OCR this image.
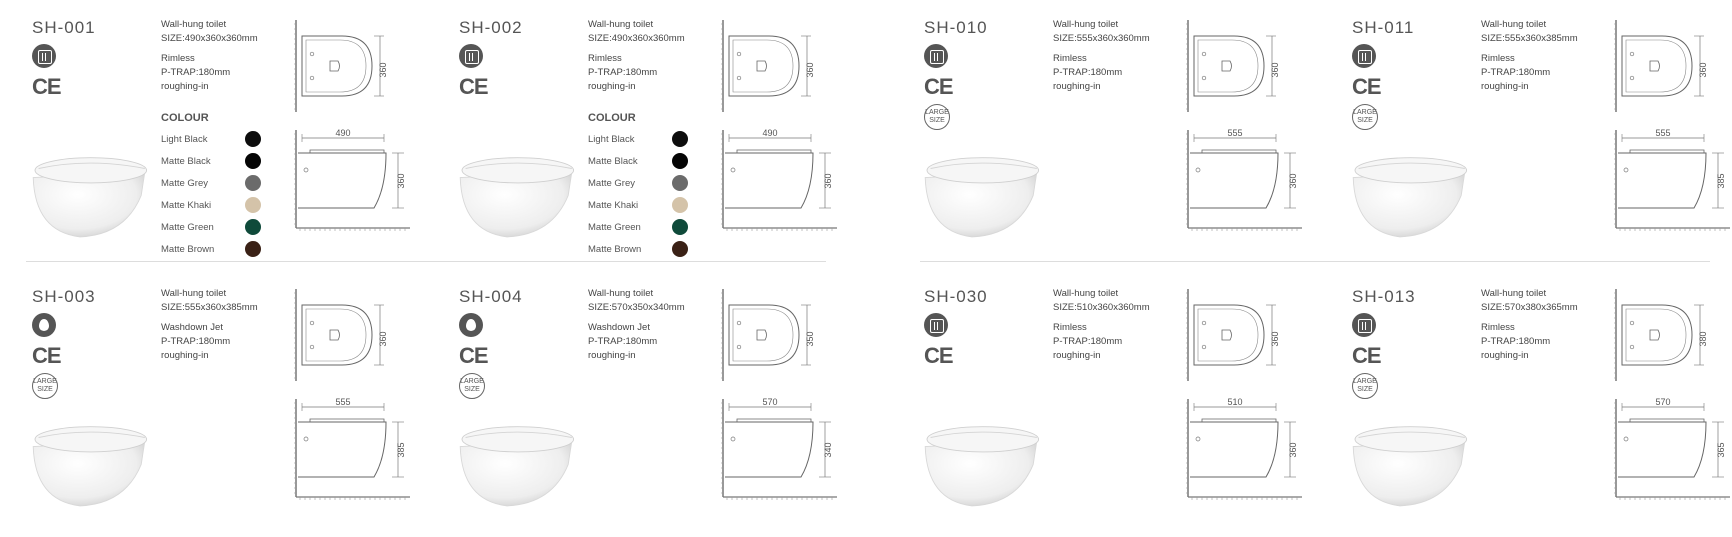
SH-001
CE
Wall-hung toilet
SIZE:490x360x360mm
Rimless
P-TRAP:180mm
roughing-in
COLOUR
Light Black
Matte Black
Matte Grey
Matte Khaki
Matte Green
Matte Brown
360
490
360
SH-002
CE
Wall-hung toilet
SIZE:490x360x360mm
Rimless
P-TRAP:180mm
roughing-in
COLOUR
Light Black
Matte Black
Matte Grey
Matte Khaki
Matte Green
Matte Brown
360
490
360
SH-010
CE
LARGE
SIZE
Wall-hung toilet
SIZE:555x360x360mm
Rimless
P-TRAP:180mm
roughing-in
360
555
360
SH-011
CE
LARGE
SIZE
Wall-hung toilet
SIZE:555x360x385mm
Rimless
P-TRAP:180mm
roughing-in
360
555
385
SH-003
CE
LARGE
SIZE
Wall-hung toilet
SIZE:555x360x385mm
Washdown Jet
P-TRAP:180mm
roughing-in
360
555
385
SH-004
CE
LARGE
SIZE
Wall-hung toilet
SIZE:570x350x340mm
Washdown Jet
P-TRAP:180mm
roughing-in
350
570
340
SH-030
CE
Wall-hung toilet
SIZE:510x360x360mm
Rimless
P-TRAP:180mm
roughing-in
360
510
360
SH-013
CE
LARGE
SIZE
Wall-hung toilet
SIZE:570x380x365mm
Rimless
P-TRAP:180mm
roughing-in
380
570
365
